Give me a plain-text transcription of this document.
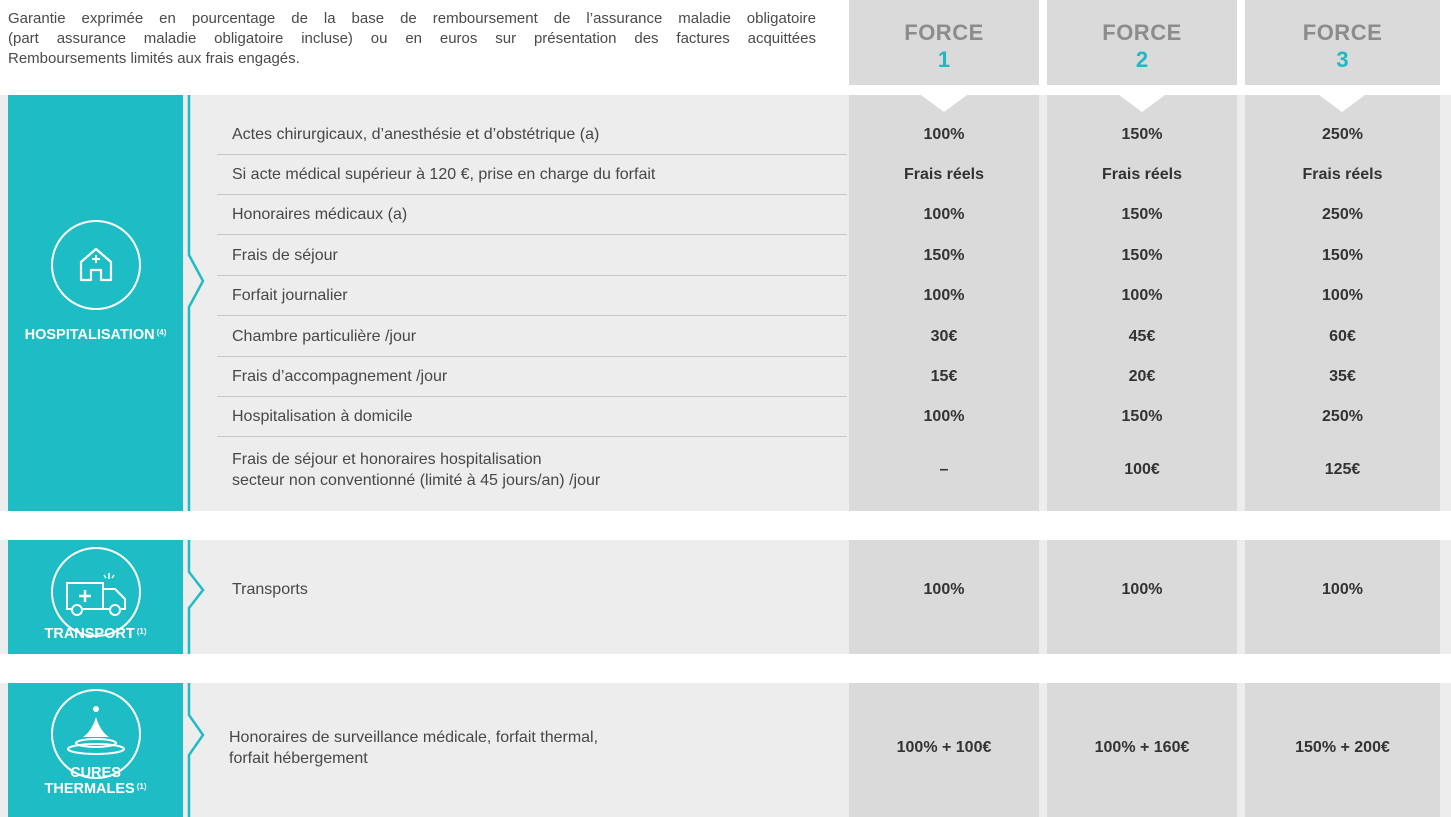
Garantie exprimée en pourcentage de la base de remboursement de l’assurance maladie obligatoire
(part assurance maladie obligatoire incluse) ou en euros sur présentation des factures acquittées
Remboursements limités aux frais engagés.
FORCE
1
FORCE
2
FORCE
3
HOSPITALISATION $^{(4)}$
Actes chirurgicaux, d’anesthésie et d’obstétrique (a)	100%	150%	250%
Si acte médical supérieur à 120 €, prise en charge du forfait	Frais réels	Frais réels	Frais réels
Honoraires médicaux (a)	100%	150%	250%
Frais de séjour	150%	150%	150%
Forfait journalier	100%	100%	100%
Chambre particulière /jour	30€	45€	60€
Frais d’accompagnement /jour	15€	20€	35€
Hospitalisation à domicile	100%	150%	250%
Frais de séjour et honoraires hospitalisation
secteur non conventionné (limité à 45 jours/an) /jour
–	100€	125€
TRANSPORT $^{(1)}$
Transports	100%	100%	100%
CURES
THERMALES $^{(1)}$
Honoraires de surveillance médicale, forfait thermal,
forfait hébergement
100% + 100€	100% + 160€	150% + 200€
